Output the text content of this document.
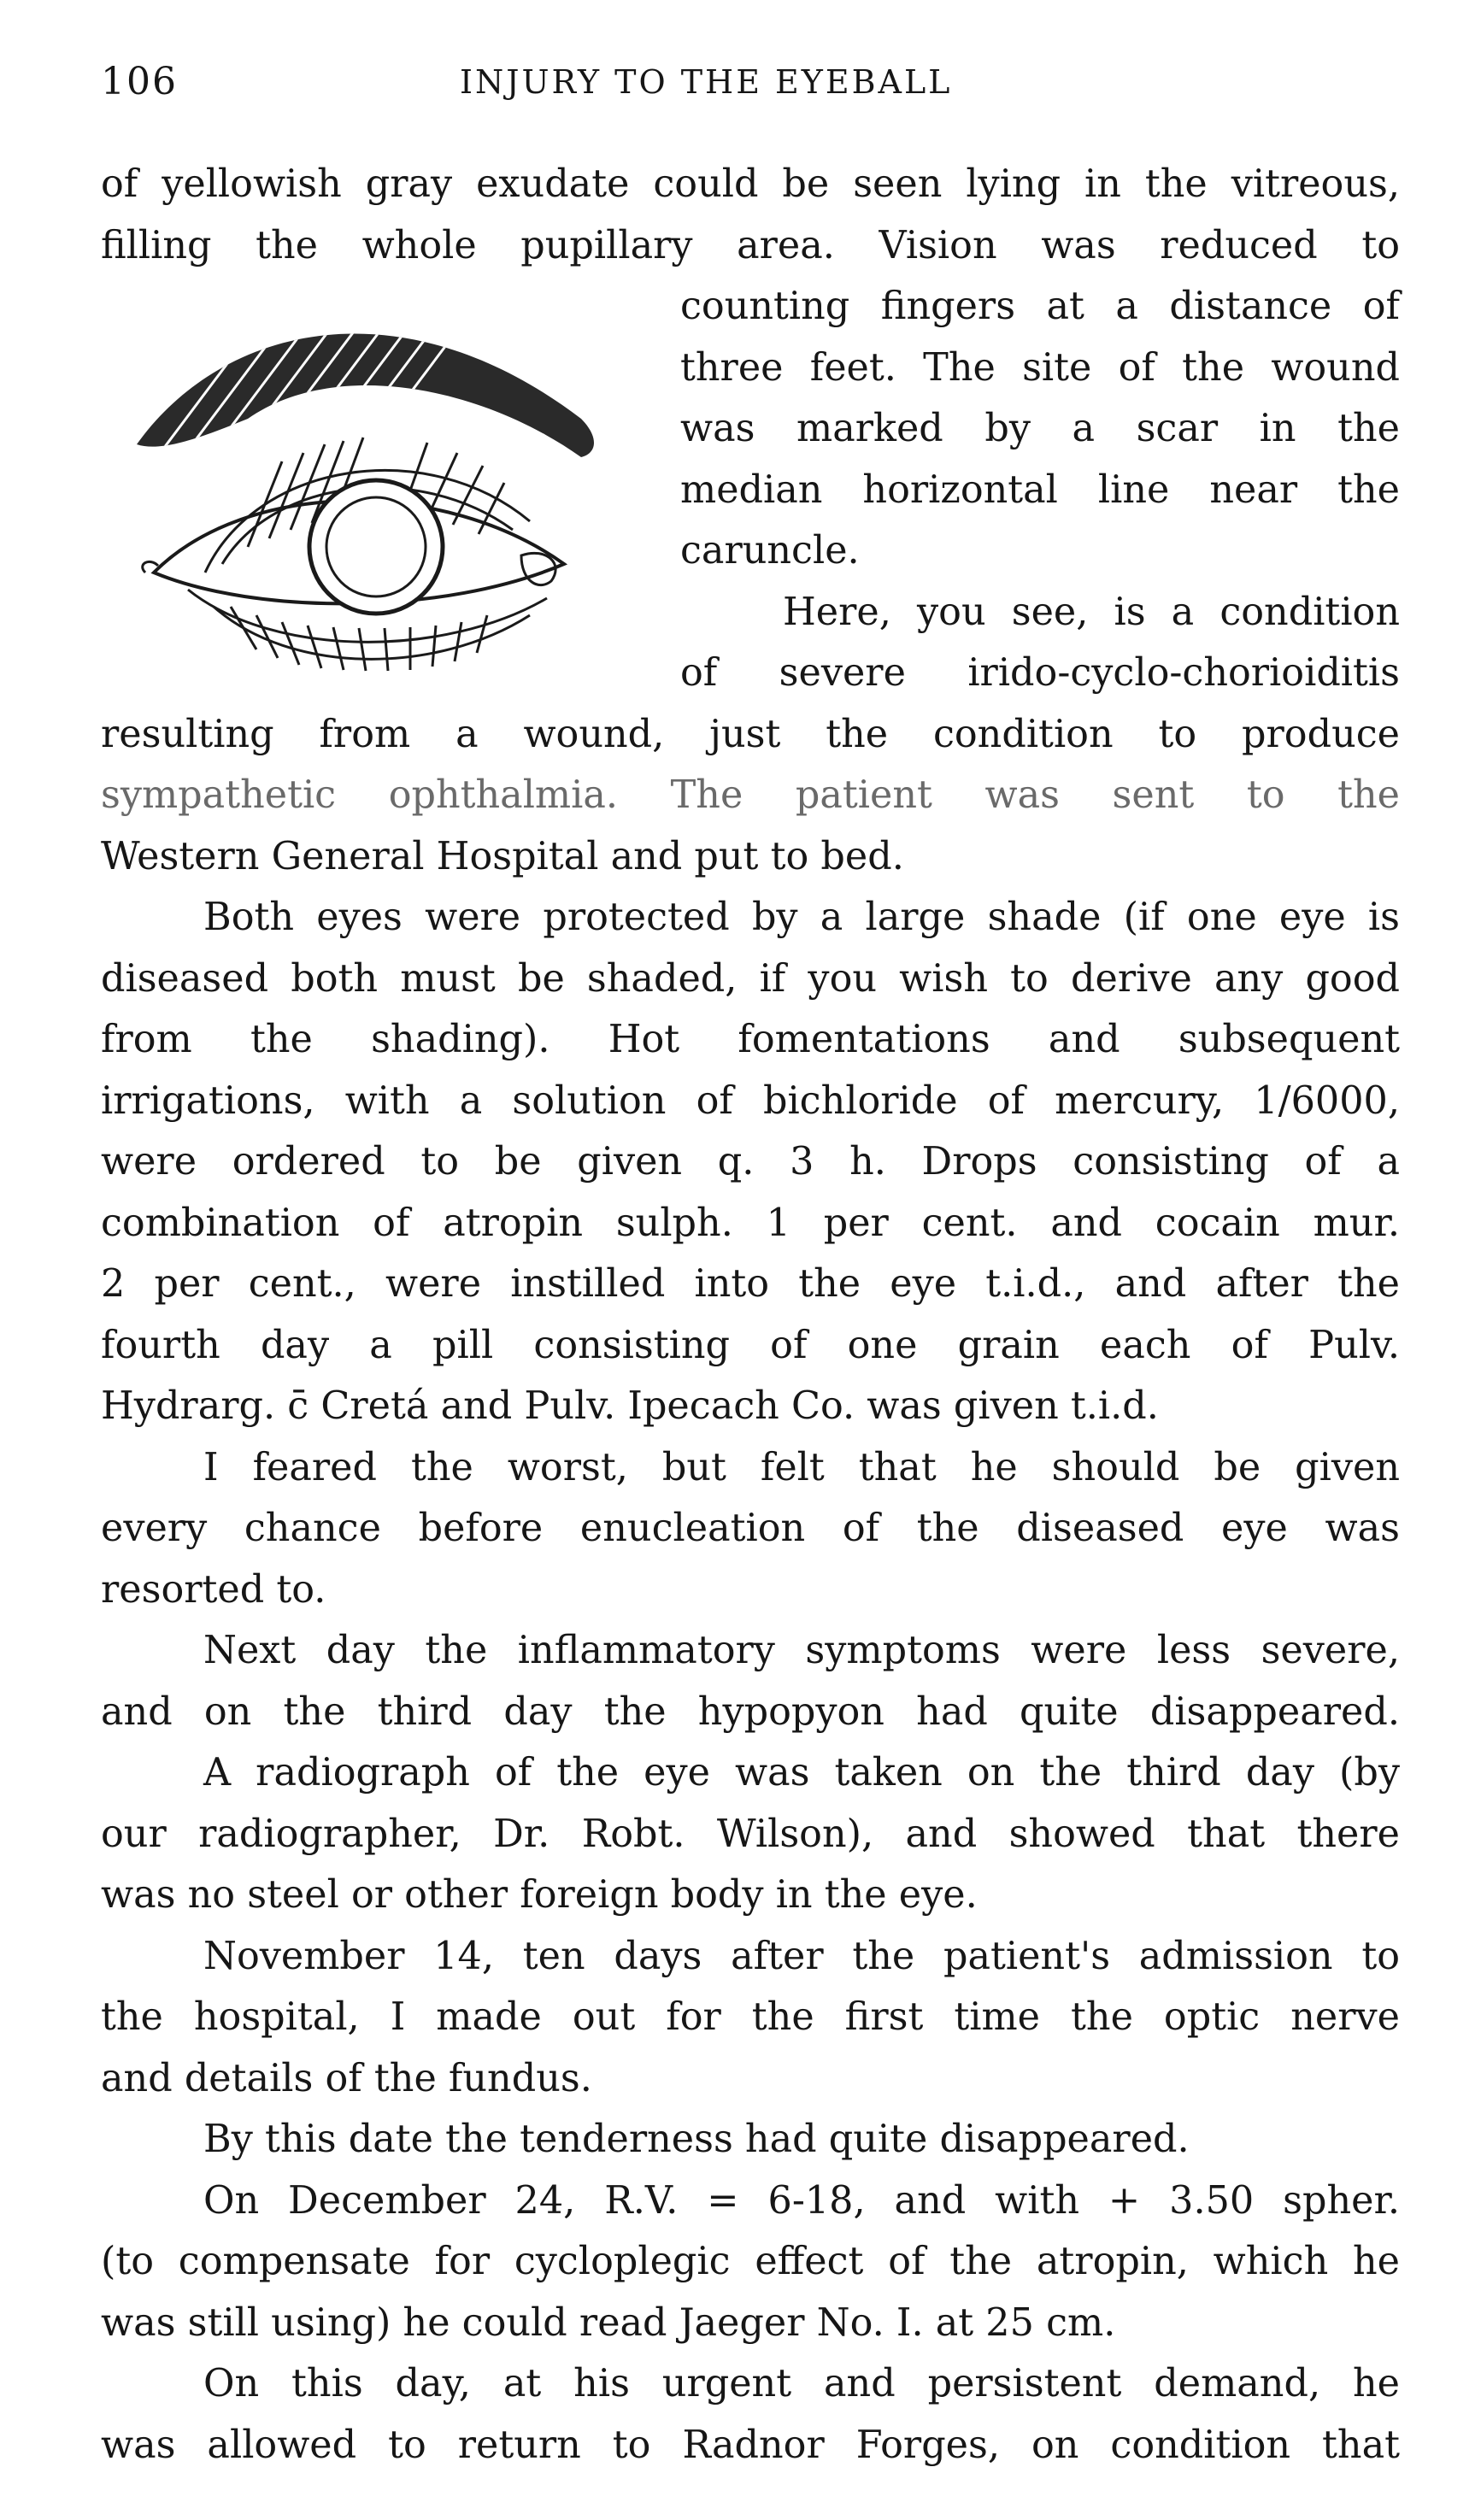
106	INJURY TO THE EYEBALL
of yellowish gray exudate could be seen lying in the vitreous,
filling the whole pupillary area. Vision was reduced to
counting fingers at a distance of
three feet. The site of the wound
was marked by a scar in the
median horizontal line near the
caruncle.
Here, you see, is a condition
of severe irido-cyclo-chorioiditis
resulting from a wound, just the condition to produce
sympathetic ophthalmia. The patient was sent to the
Western General Hospital and put to bed.
Both eyes were protected by a large shade (if one eye is
diseased both must be shaded, if you wish to derive any good
from the shading). Hot fomentations and subsequent
irrigations, with a solution of bichloride of mercury, 1/6000,
were ordered to be given q. 3 h. Drops consisting of a
combination of atropin sulph. 1 per cent. and cocain mur.
2 per cent., were instilled into the eye t.i.d., and after the
fourth day a pill consisting of one grain each of Pulv.
Hydrarg. c̄ Cretá and Pulv. Ipecach Co. was given t.i.d.
I feared the worst, but felt that he should be given
every chance before enucleation of the diseased eye was
resorted to.
Next day the inflammatory symptoms were less severe,
and on the third day the hypopyon had quite disappeared.
A radiograph of the eye was taken on the third day (by
our radiographer, Dr. Robt. Wilson), and showed that there
was no steel or other foreign body in the eye.
November 14, ten days after the patient's admission to
the hospital, I made out for the first time the optic nerve
and details of the fundus.
By this date the tenderness had quite disappeared.
On December 24, R.V. = 6-18, and with + 3.50 spher.
(to compensate for cycloplegic effect of the atropin, which he
was still using) he could read Jaeger No. I. at 25 cm.
On this day, at his urgent and persistent demand, he
was allowed to return to Radnor Forges, on condition that
